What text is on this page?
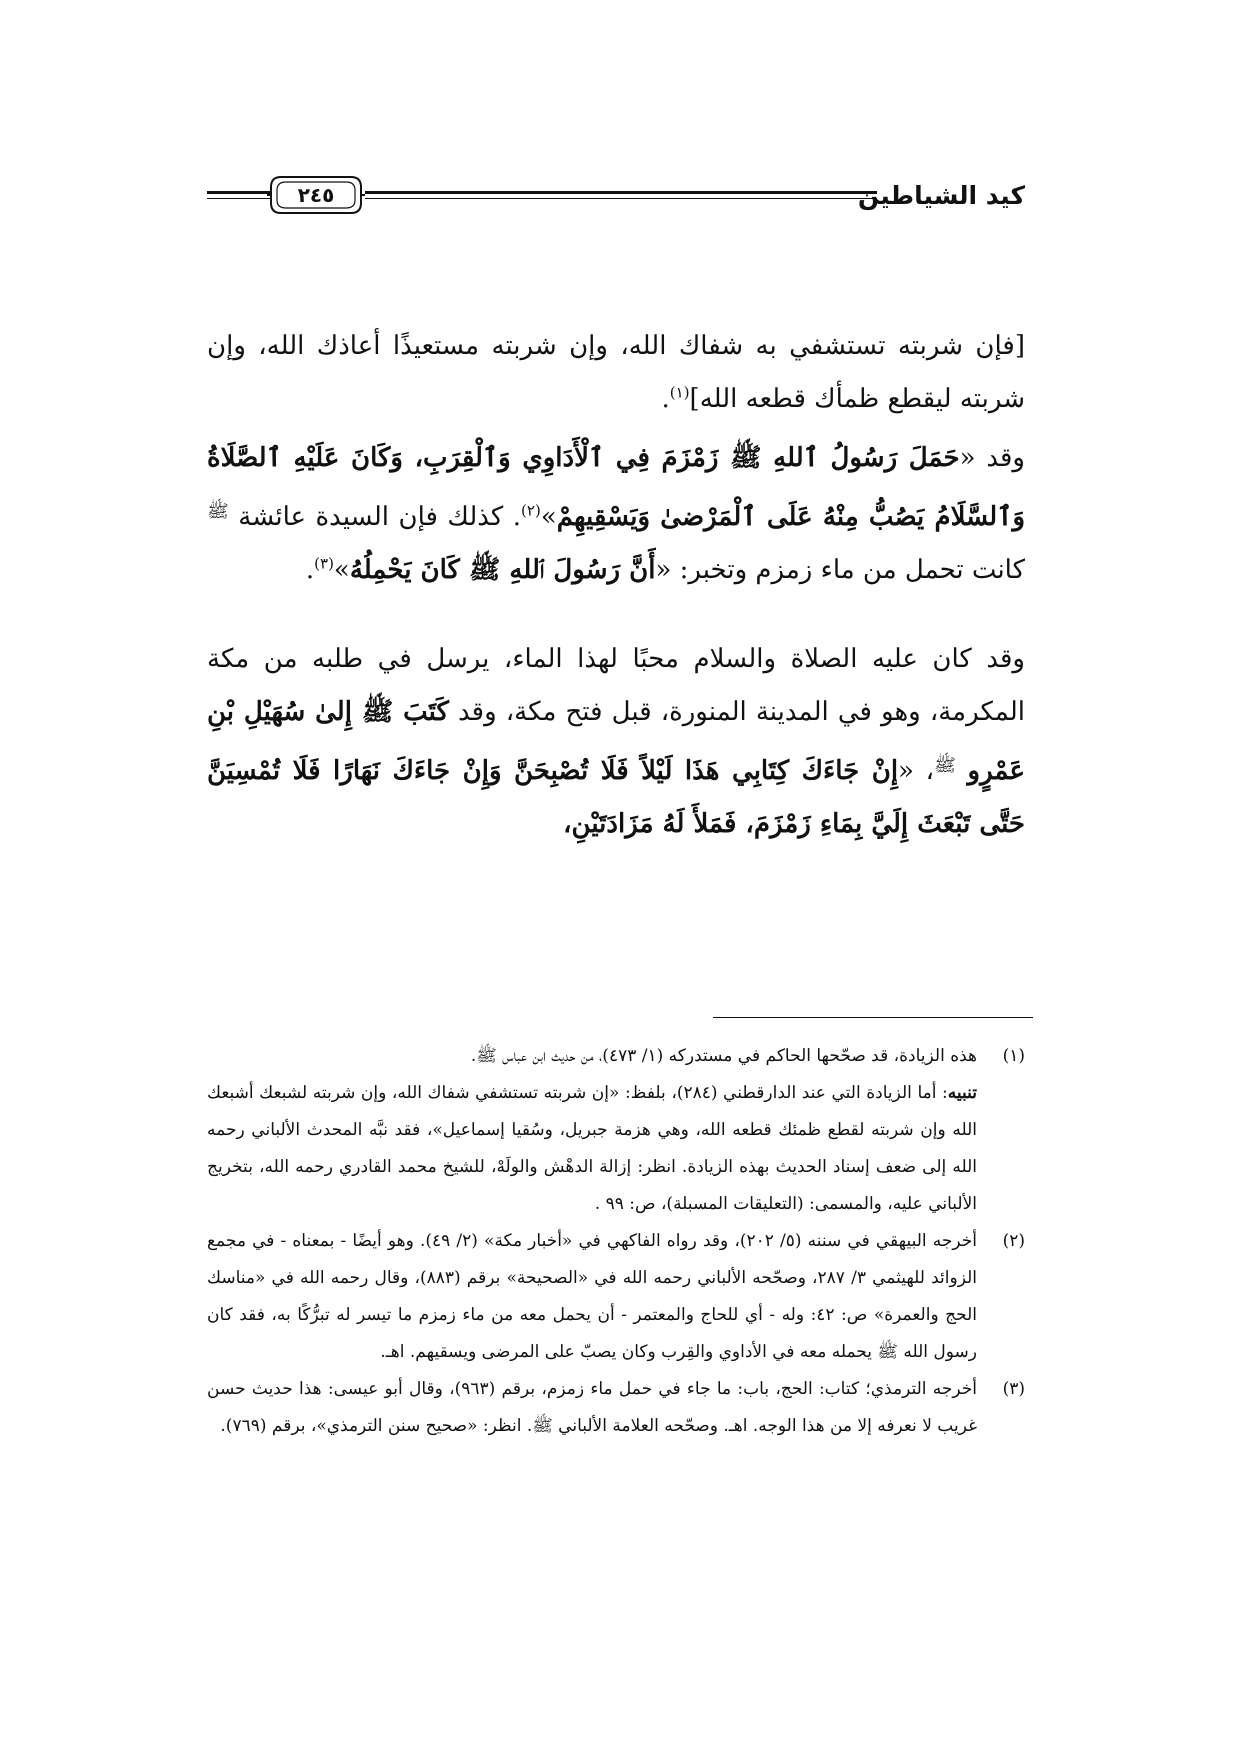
كيد الشياطين
٢٤٥

[فإن شربته تستشفي به شفاك الله، وإن شربته مستعيذًا أعاذك الله، وإن شربته ليقطع ظمأك قطعه الله]$^{(١)}$.

وقد «حَمَلَ رَسُولُ ٱللهِ ﷺ زَمْزَمَ فِي ٱلْأَدَاوِي وَٱلْقِرَبِ، وَكَانَ عَلَيْهِ ٱلصَّلَاةُ وَٱلسَّلَامُ يَصُبُّ مِنْهُ عَلَى ٱلْمَرْضىٰ وَيَسْقِيهِمْ»$^{(٢)}$. كذلك فإن السيدة عائشة $^ﷺ$ كانت تحمل من ماء زمزم وتخبر: «أَنَّ رَسُولَ ٱللهِ ﷺ كَانَ يَحْمِلُهُ»$^{(٣)}$.

وقد كان عليه الصلاة والسلام محبًا لهذا الماء، يرسل في طلبه من مكة المكرمة، وهو في المدينة المنورة، قبل فتح مكة، وقد كَتَبَ ﷺ إِلىٰ سُهَيْلِ بْنِ عَمْرٍو $^ﷺ$، «إِنْ جَاءَكَ كِتَابِي هَذَا لَيْلاً فَلَا تُصْبِحَنَّ وَإِنْ جَاءَكَ نَهَارًا فَلَا تُمْسِيَنَّ حَتَّى تَبْعَثَ إِلَيَّ بِمَاءِ زَمْزَمَ، فَمَلأَ لَهُ مَزَادَتَيْنِ،

(١)
هذه الزيادة، قد صحّحها الحاكم في مستدركه (١/ ٤٧٣)، من حديث ابن عباس ﷺ.
تنبيه: أما الزيادة التي عند الدارقطني (٢٨٤)، بلفظ: «إن شربته تستشفي شفاك الله، وإن شربته لشبعك أشبعك الله وإن شربته لقطع ظمئك قطعه الله، وهي هزمة جبريل، وسُقيا إسماعيل»، فقد نبَّه المحدث الألباني رحمه الله إلى ضعف إسناد الحديث بهذه الزيادة. انظر: إزالة الدهْش والولَهْ، للشيخ محمد القادري رحمه الله، بتخريج الألباني عليه، والمسمى: (التعليقات المسبلة)، ص: ٩٩ .

(٢)
أخرجه البيهقي في سننه (٥/ ٢٠٢)، وقد رواه الفاكهي في «أخبار مكة» (٢/ ٤٩). وهو أيضًا - بمعناه - في مجمع الزوائد للهيثمي ٣/ ٢٨٧، وصحّحه الألباني رحمه الله في «الصحيحة» برقم (٨٨٣)، وقال رحمه الله في «مناسك الحج والعمرة» ص: ٤٢: وله - أي للحاج والمعتمر - أن يحمل معه من ماء زمزم ما تيسر له تبرُّكًا به، فقد كان رسول الله ﷺ يحمله معه في الأداوي والقِرب وكان يصبّ على المرضى ويسقيهم. اهـ.

(٣)
أخرجه الترمذي؛ كتاب: الحج، باب: ما جاء في حمل ماء زمزم، برقم (٩٦٣)، وقال أبو عيسى: هذا حديث حسن غريب لا نعرفه إلا من هذا الوجه. اهـ. وصحّحه العلامة الألباني ﷺ. انظر: «صحيح سنن الترمذي»، برقم (٧٦٩).
